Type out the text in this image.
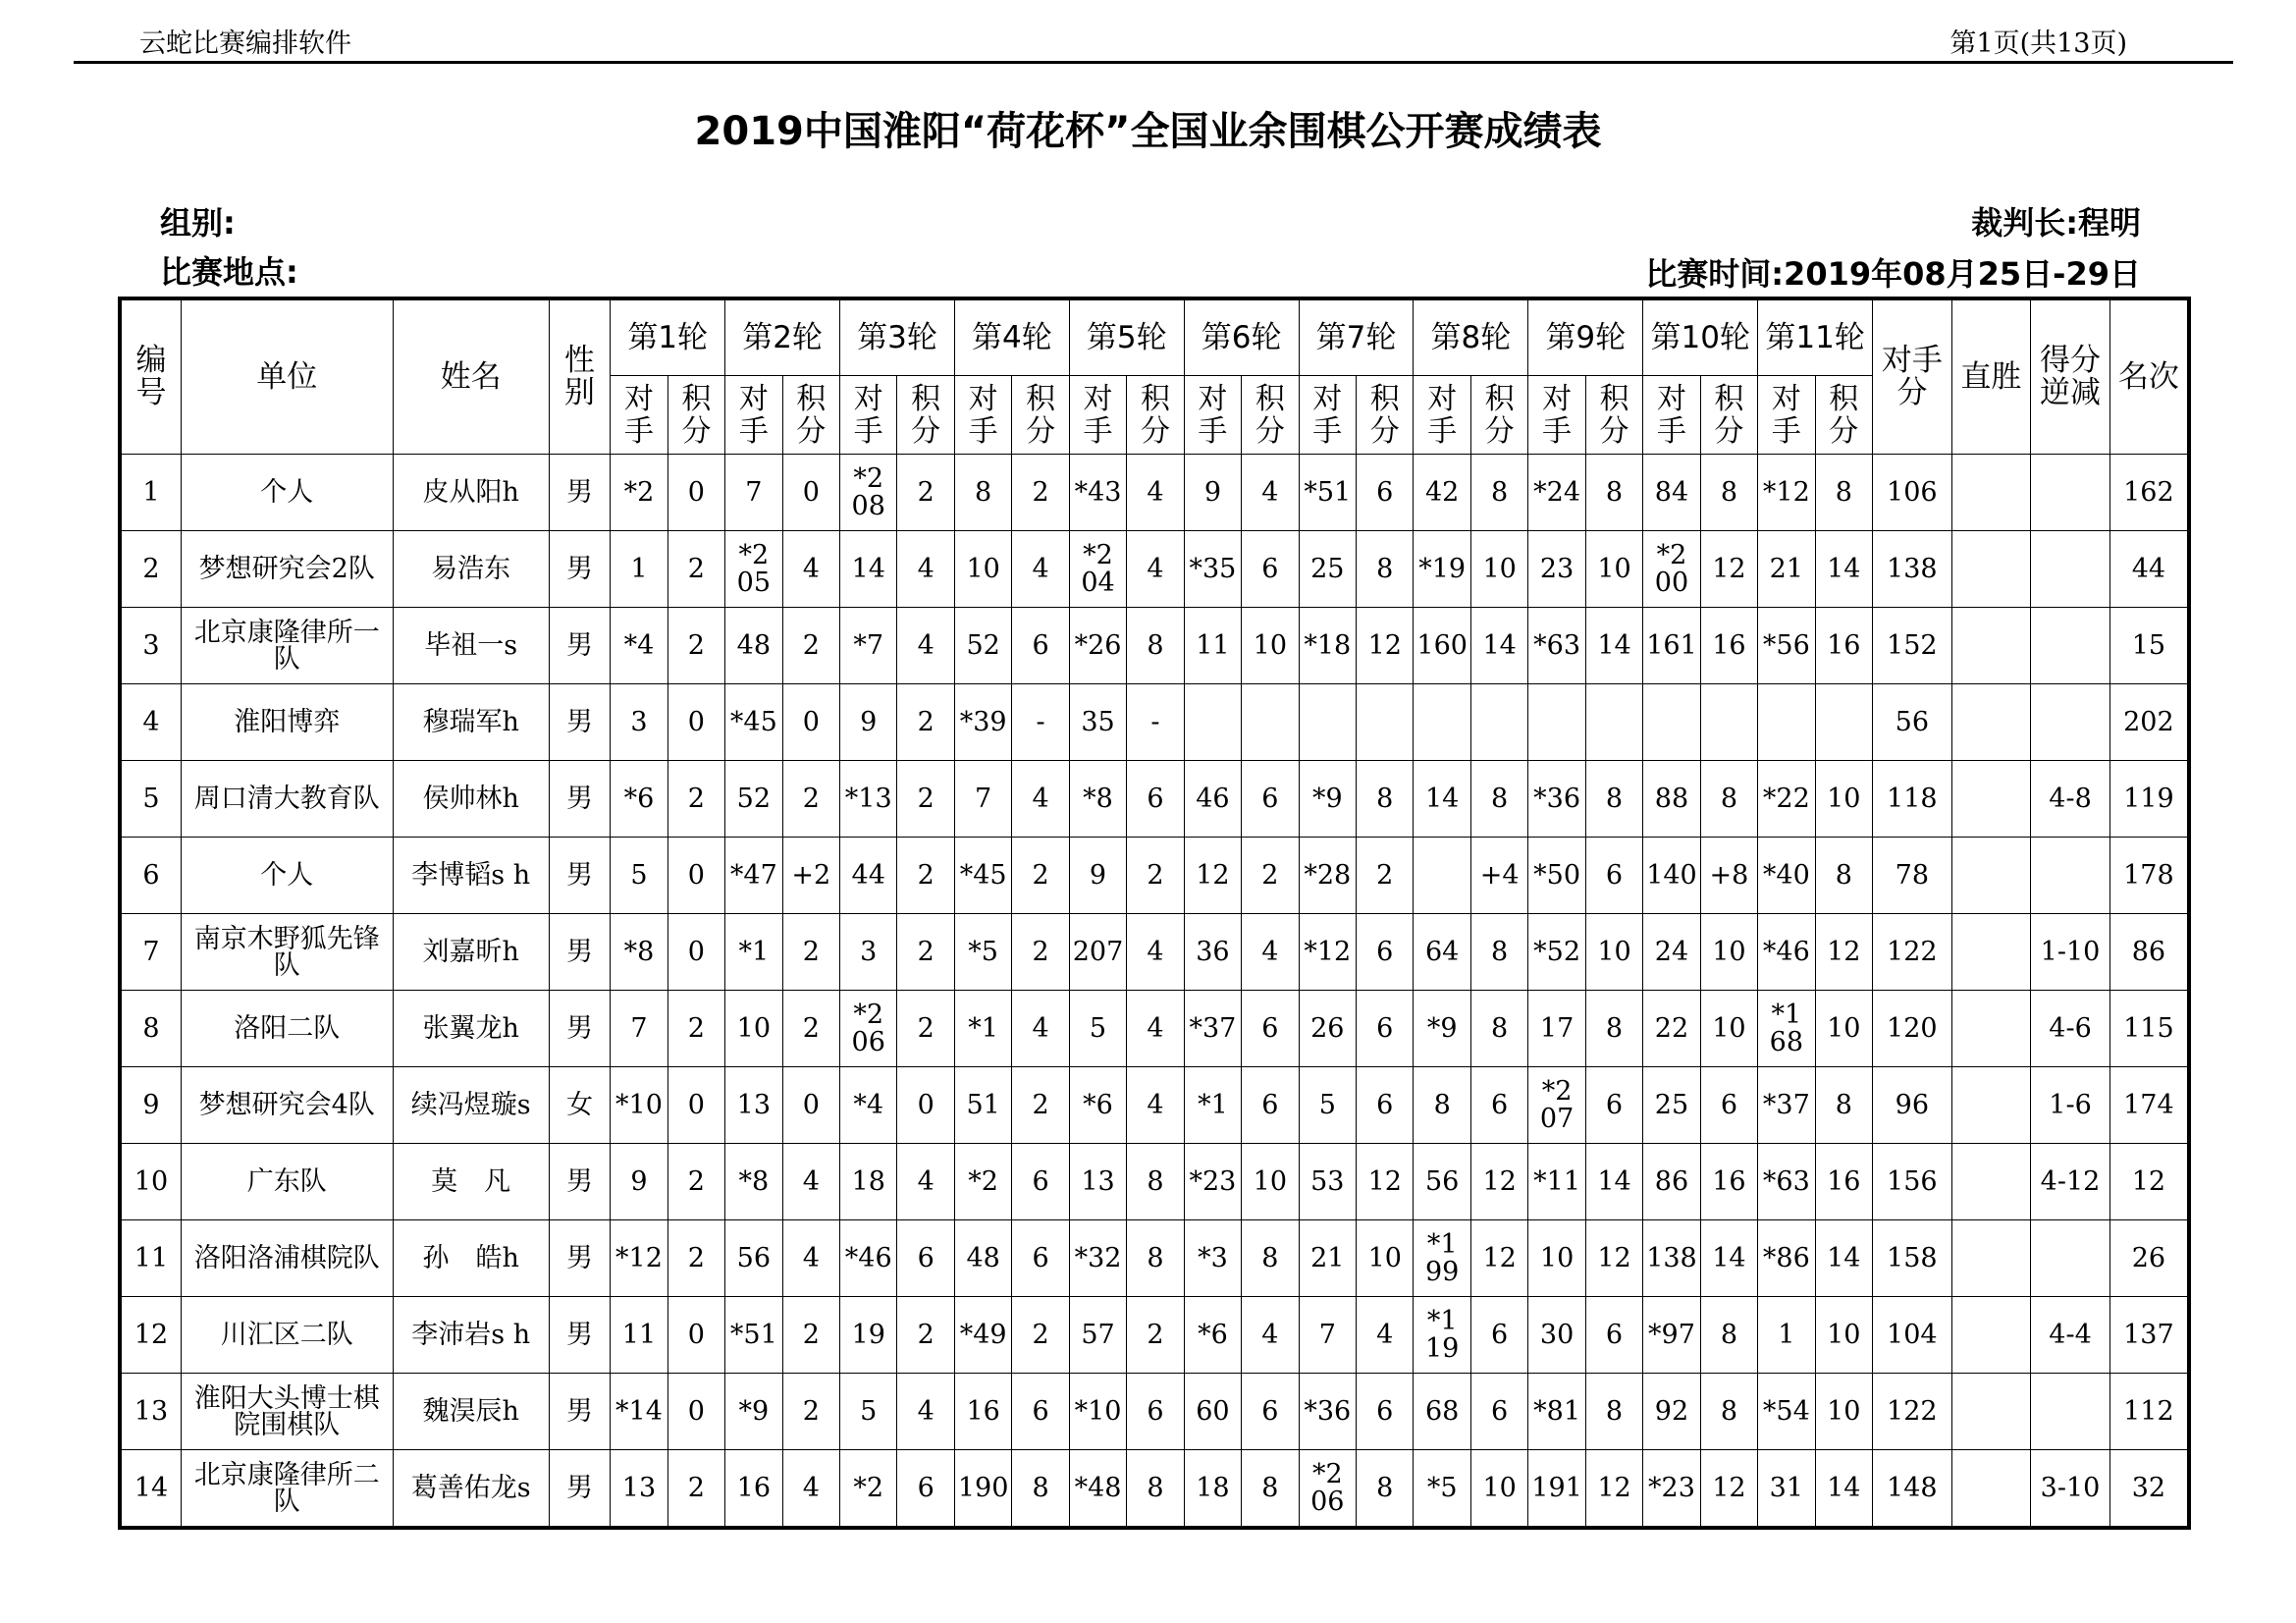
云蛇比赛编排软件	第1页(共13页)
2019中国淮阳“荷花杯”全国业余围棋公开赛成绩表
组别:
比赛地点:
裁判长:程明
比赛时间:2019年08月25日-29日
编号	单位	姓名	性别	第1轮		第2轮		第3轮		第4轮		第5轮		第6轮		第7轮		第8轮		第9轮		第10轮		第11轮		对手分	直胜	得分逆减	名次
				对手	积分	对手	积分	对手	积分	对手	积分	对手	积分	对手	积分	对手	积分	对手	积分	对手	积分	对手	积分	对手	积分				
1	个人	皮从阳h	男	*2	0	7	0	*208	2	8	2	*43	4	9	4	*51	6	42	8	*24	8	84	8	*12	8	106			162
2	梦想研究会2队	易浩东	男	1	2	*205	4	14	4	10	4	*204	4	*35	6	25	8	*19	10	23	10	*200	12	21	14	138			44
3	北京康隆律所一队	毕祖一s	男	*4	2	48	2	*7	4	52	6	*26	8	11	10	*18	12	160	14	*63	14	161	16	*56	16	152			15
4	淮阳博弈	穆瑞军h	男	3	0	*45	0	9	2	*39	-	35	-													56			202
5	周口清大教育队	侯帅林h	男	*6	2	52	2	*13	2	7	4	*8	6	46	6	*9	8	14	8	*36	8	88	8	*22	10	118		4-8	119
6	个人	李博韬s h	男	5	0	*47	+2	44	2	*45	2	9	2	12	2	*28	2		+4	*50	6	140	+8	*40	8	78			178
7	南京木野狐先锋队	刘嘉昕h	男	*8	0	*1	2	3	2	*5	2	207	4	36	4	*12	6	64	8	*52	10	24	10	*46	12	122		1-10	86
8	洛阳二队	张翼龙h	男	7	2	10	2	*206	2	*1	4	5	4	*37	6	26	6	*9	8	17	8	22	10	*168	10	120		4-6	115
9	梦想研究会4队	续冯煜璇s	女	*10	0	13	0	*4	0	51	2	*6	4	*1	6	5	6	8	6	*207	6	25	6	*37	8	96		1-6	174
10	广东队	莫　凡	男	9	2	*8	4	18	4	*2	6	13	8	*23	10	53	12	56	12	*11	14	86	16	*63	16	156		4-12	12
11	洛阳洛浦棋院队	孙　皓h	男	*12	2	56	4	*46	6	48	6	*32	8	*3	8	21	10	*199	12	10	12	138	14	*86	14	158			26
12	川汇区二队	李沛岩s h	男	11	0	*51	2	19	2	*49	2	57	2	*6	4	7	4	*119	6	30	6	*97	8	1	10	104		4-4	137
13	淮阳大头博士棋院围棋队	魏淏辰h	男	*14	0	*9	2	5	4	16	6	*10	6	60	6	*36	6	68	6	*81	8	92	8	*54	10	122			112
14	北京康隆律所二队	葛善佑龙s	男	13	2	16	4	*2	6	190	8	*48	8	18	8	*206	8	*5	10	191	12	*23	12	31	14	148		3-10	32
